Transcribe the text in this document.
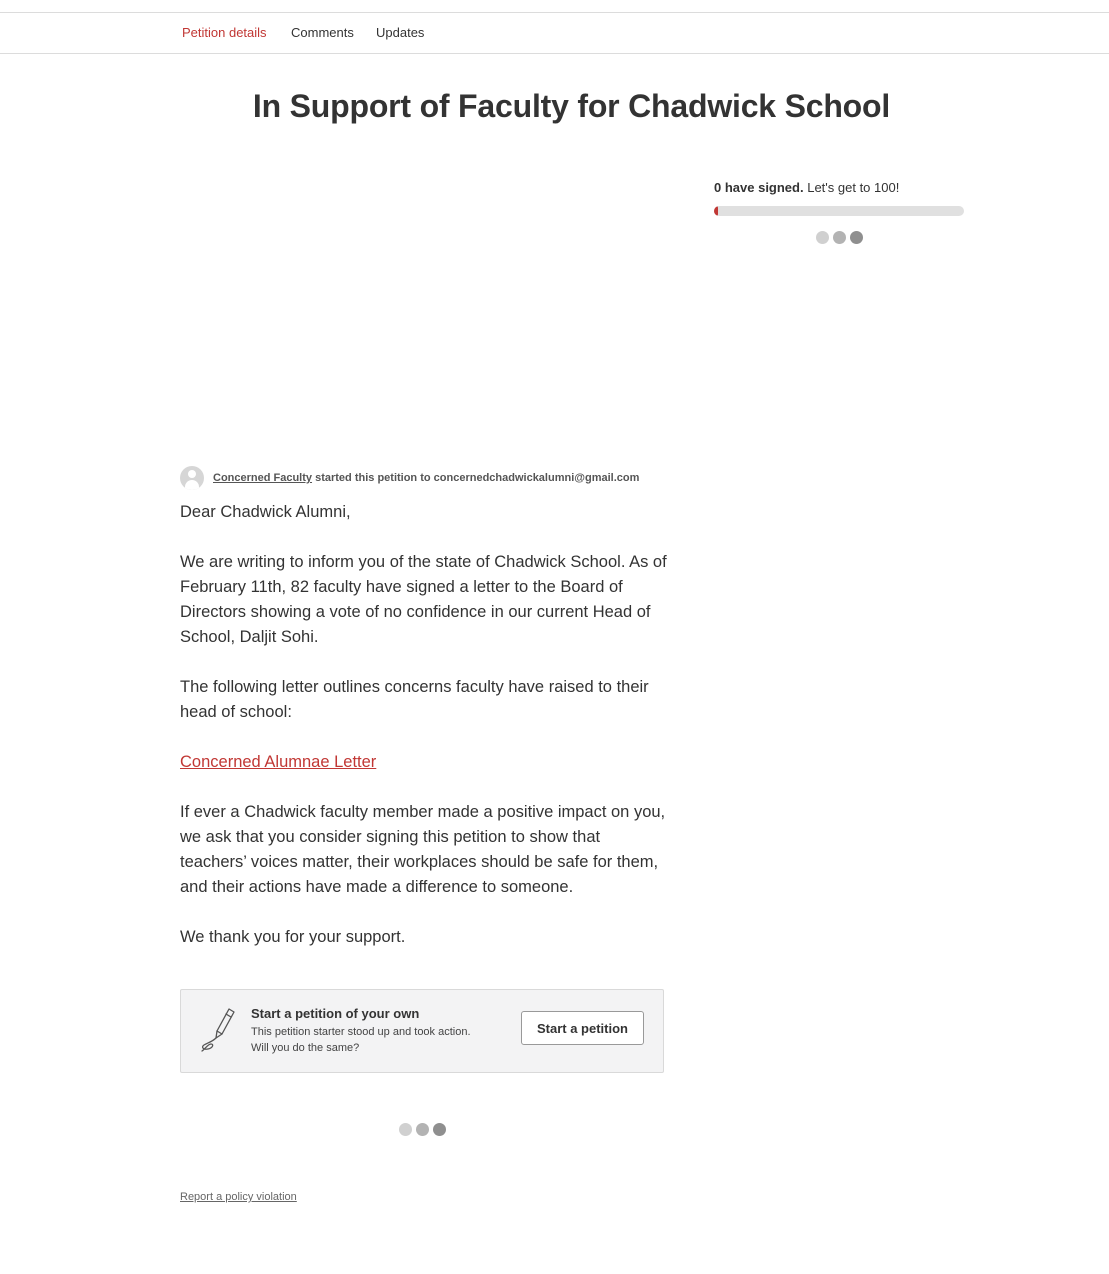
Petition details Comments Updates
In Support of Faculty for Chadwick School
0 have signed. Let's get to 100!
Concerned Faculty started this petition to concernedchadwickalumni@gmail.com

Dear Chadwick Alumni,

We are writing to inform you of the state of Chadwick School. As of February 11th, 82 faculty have signed a letter to the Board of Directors showing a vote of no confidence in our current Head of School, Daljit Sohi.

The following letter outlines concerns faculty have raised to their head of school:

Concerned Alumnae Letter

If ever a Chadwick faculty member made a positive impact on you, we ask that you consider signing this petition to show that teachers’ voices matter, their workplaces should be safe for them, and their actions have made a difference to someone.

We thank you for your support.

Start a petition of your own
This petition starter stood up and took action. Will you do the same?
Start a petition
Report a policy violation
